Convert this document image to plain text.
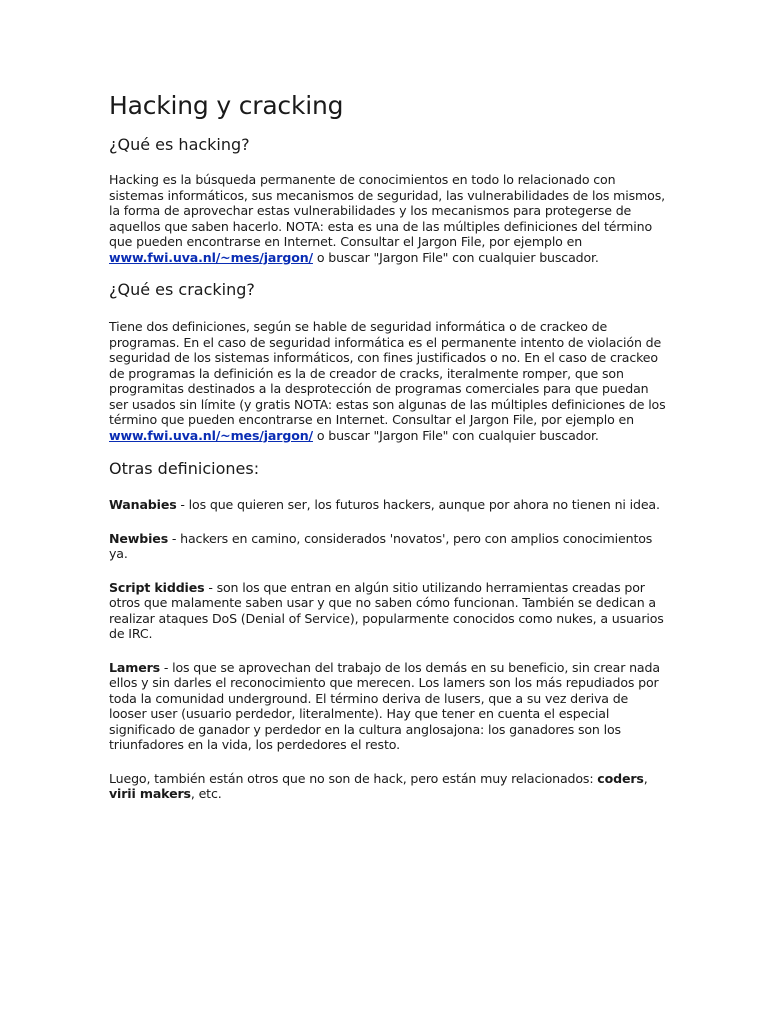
Hacking y cracking
¿Qué es hacking?

Hacking es la búsqueda permanente de conocimientos en todo lo relacionado con sistemas informáticos, sus mecanismos de seguridad, las vulnerabilidades de los mismos, la forma de aprovechar estas vulnerabilidades y los mecanismos para protegerse de aquellos que saben hacerlo. NOTA: esta es una de las múltiples definiciones del término que pueden encontrarse en Internet. Consultar el Jargon File, por ejemplo en www.fwi.uva.nl/~mes/jargon/ o buscar "Jargon File" con cualquier buscador.

¿Qué es cracking?

Tiene dos definiciones, según se hable de seguridad informática o de crackeo de programas. En el caso de seguridad informática es el permanente intento de violación de seguridad de los sistemas informáticos, con fines justificados o no. En el caso de crackeo de programas la definición es la de creador de cracks, iteralmente romper, que son programitas destinados a la desprotección de programas comerciales para que puedan ser usados sin límite (y gratis NOTA: estas son algunas de las múltiples definiciones de los término que pueden encontrarse en Internet. Consultar el Jargon File, por ejemplo en www.fwi.uva.nl/~mes/jargon/ o buscar "Jargon File" con cualquier buscador.

Otras definiciones:

Wanabies - los que quieren ser, los futuros hackers, aunque por ahora no tienen ni idea.

Newbies - hackers en camino, considerados 'novatos', pero con amplios conocimientos ya.

Script kiddies - son los que entran en algún sitio utilizando herramientas creadas por otros que malamente saben usar y que no saben cómo funcionan. También se dedican a realizar ataques DoS (Denial of Service), popularmente conocidos como nukes, a usuarios de IRC.

Lamers - los que se aprovechan del trabajo de los demás en su beneficio, sin crear nada ellos y sin darles el reconocimiento que merecen. Los lamers son los más repudiados por toda la comunidad underground. El término deriva de lusers, que a su vez deriva de looser user (usuario perdedor, literalmente). Hay que tener en cuenta el especial significado de ganador y perdedor en la cultura anglosajona: los ganadores son los triunfadores en la vida, los perdedores el resto.

Luego, también están otros que no son de hack, pero están muy relacionados: coders, virii makers, etc.
